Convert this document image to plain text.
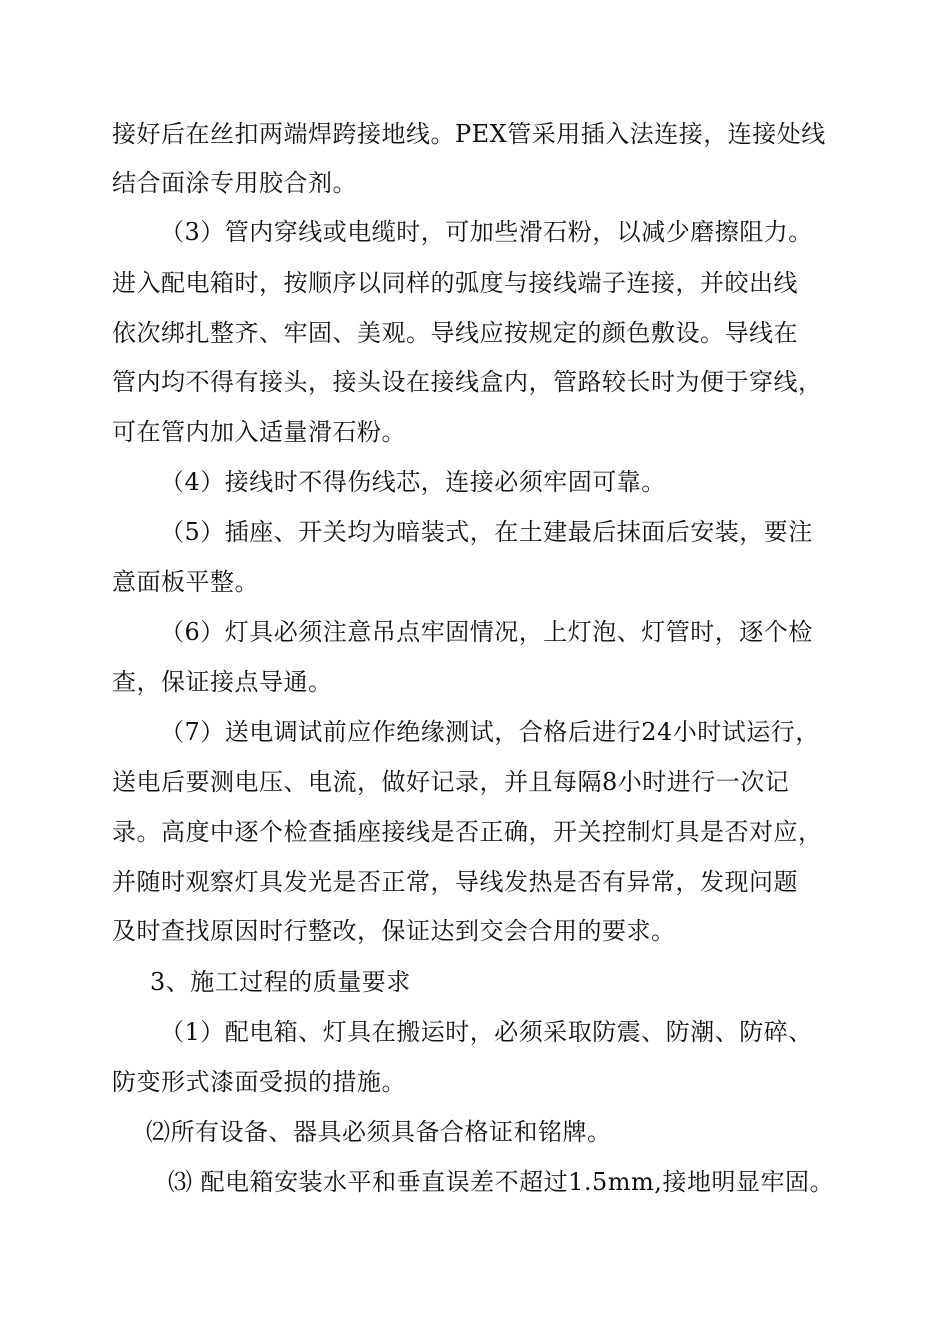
接好后在丝扣两端焊跨接地线。PEX管采用插入法连接，连接处线
结合面涂专用胶合剂。
（3）管内穿线或电缆时，可加些滑石粉，以减少磨擦阻力。
进入配电箱时，按顺序以同样的弧度与接线端子连接，并皎出线
依次绑扎整齐、牢固、美观。导线应按规定的颜色敷设。导线在
管内均不得有接头，接头设在接线盒内，管路较长时为便于穿线，
可在管内加入适量滑石粉。
（4）接线时不得伤线芯，连接必须牢固可靠。
（5）插座、开关均为暗装式，在土建最后抹面后安装，要注
意面板平整。
（6）灯具必须注意吊点牢固情况，上灯泡、灯管时，逐个检
查，保证接点导通。
（7）送电调试前应作绝缘测试，合格后进行24小时试运行，
送电后要测电压、电流，做好记录，并且每隔8小时进行一次记
录。高度中逐个检查插座接线是否正确，开关控制灯具是否对应，
并随时观察灯具发光是否正常，导线发热是否有异常，发现问题
及时查找原因时行整改，保证达到交会合用的要求。
3、施工过程的质量要求
（1）配电箱、灯具在搬运时，必须采取防震、防潮、防碎、
防变形式漆面受损的措施。
⑵所有设备、器具必须具备合格证和铭牌。
⑶ 配电箱安装水平和垂直误差不超过1.5mm,接地明显牢固。
